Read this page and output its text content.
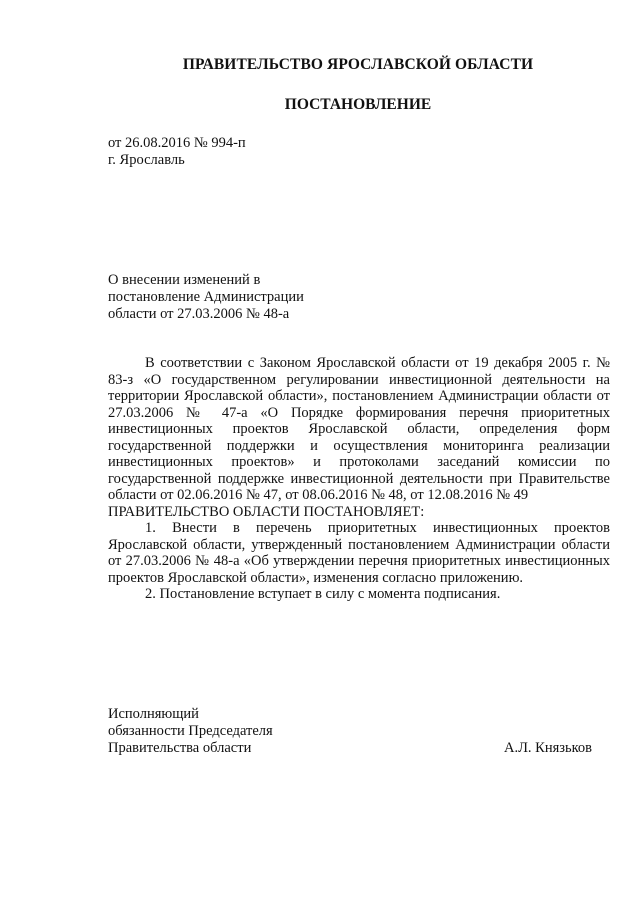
ПРАВИТЕЛЬСТВО ЯРОСЛАВСКОЙ ОБЛАСТИ
ПОСТАНОВЛЕНИЕ
от 26.08.2016 № 994-п
г. Ярославль
О внесении изменений в
постановление Администрации
области от 27.03.2006 № 48-а

В соответствии с Законом Ярославской области от 19 декабря 2005 г. № 83-з «О государственном регулировании инвестиционной деятельности на территории Ярославской области», постановлением Администрации области от 27.03.2006 № 47-а «О Порядке формирования перечня приоритетных инвестиционных проектов Ярославской области, определения форм государственной поддержки и осуществления мониторинга реализации инвестиционных проектов» и протоколами заседаний комиссии по государственной поддержке инвестиционной деятельности при Правительстве области от 02.06.2016 № 47, от 08.06.2016 № 48, от 12.08.2016 № 49

ПРАВИТЕЛЬСТВО ОБЛАСТИ ПОСТАНОВЛЯЕТ:

1. Внести в перечень приоритетных инвестиционных проектов Ярославской области, утвержденный постановлением Администрации области от 27.03.2006 № 48-а «Об утверждении перечня приоритетных инвестиционных проектов Ярославской области», изменения согласно приложению.

2. Постановление вступает в силу с момента подписания.

Исполняющий
обязанности Председателя
Правительства области	А.Л. Князьков
